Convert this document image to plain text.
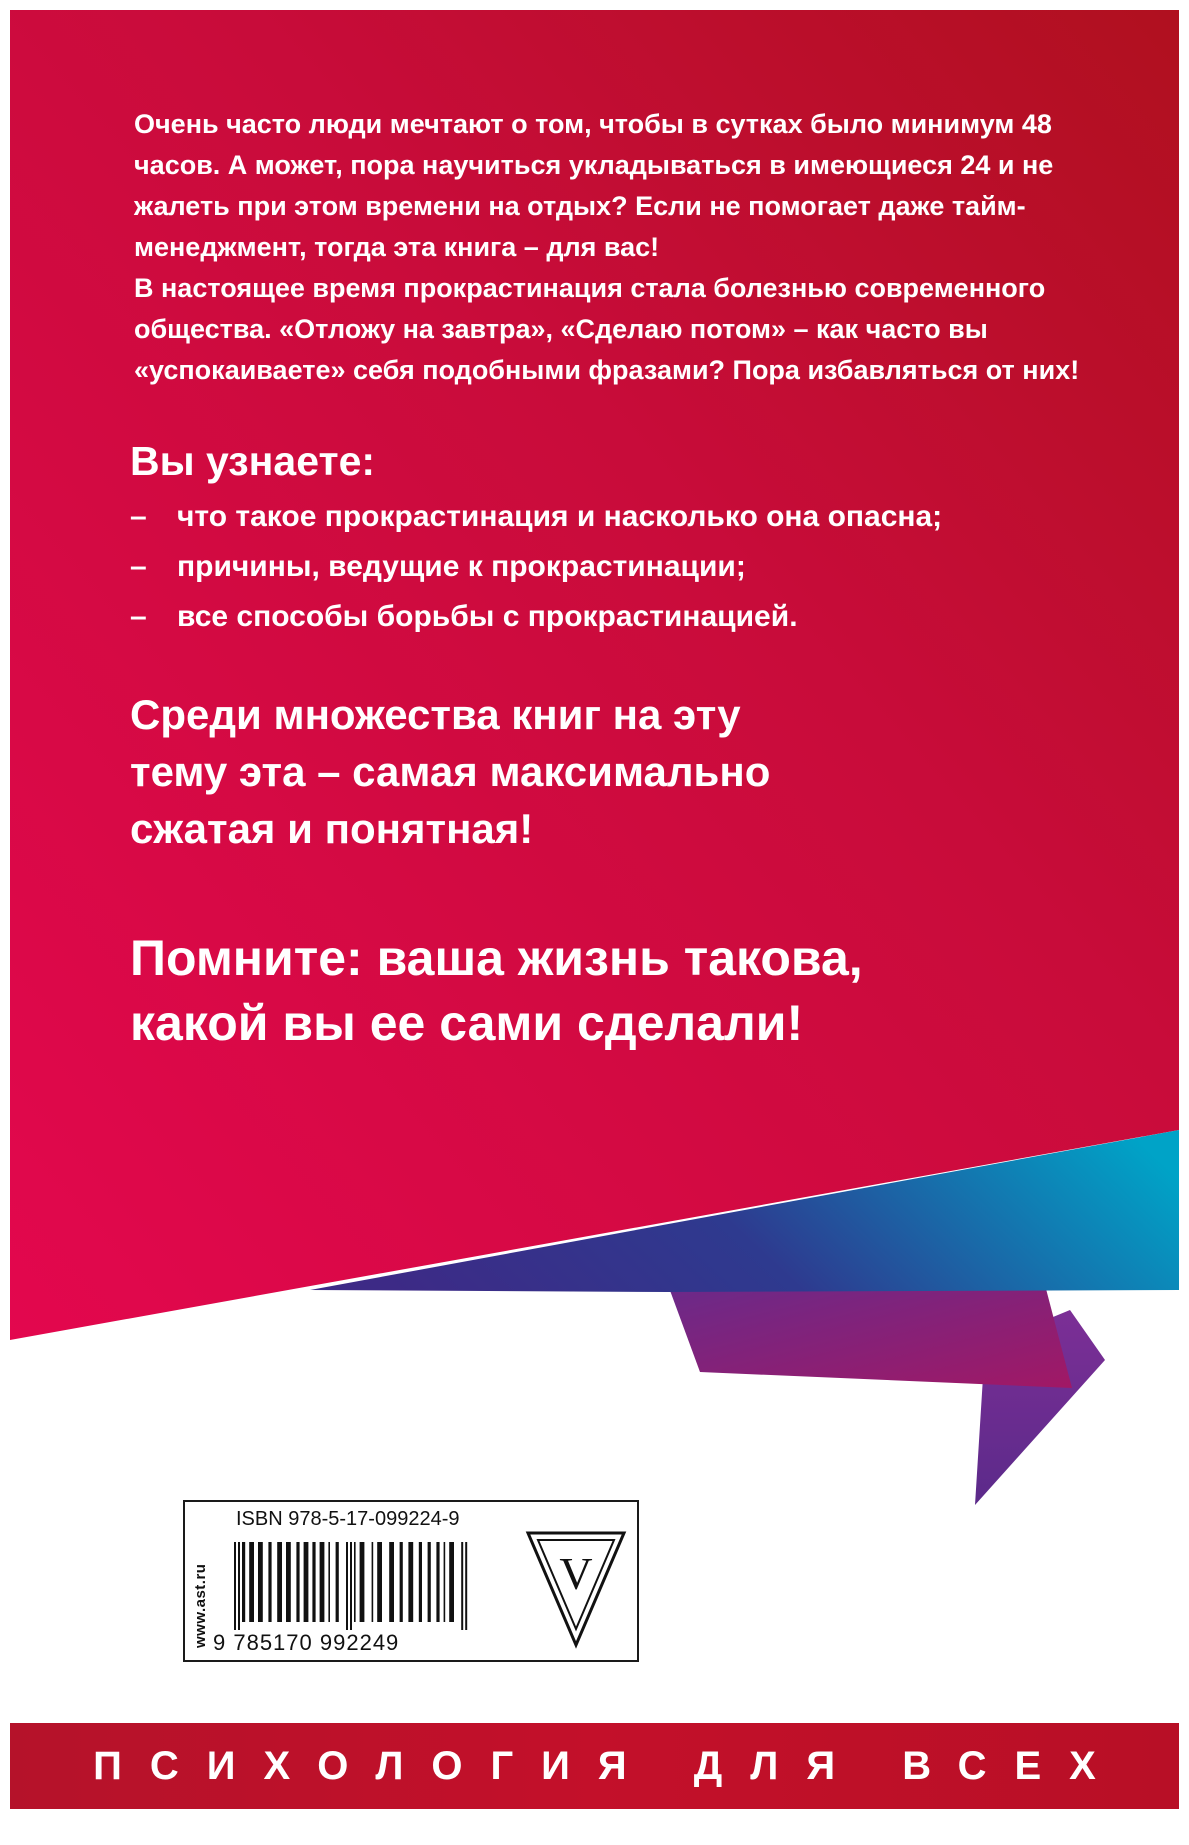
Очень часто люди мечтают о том, чтобы в сутках было минимум 48 часов. А может, пора научиться укладываться в имеющиеся 24 и не жалеть при этом времени на отдых? Если не помогает даже тайм-менеджмент, тогда эта книга – для вас!

В настоящее время прокрастинация стала болезнью современного общества. «Отложу на завтра», «Сделаю потом» – как часто вы «успокаиваете» себя подобными фразами? Пора избавляться от них!

Вы узнаете:
– что такое прокрастинация и насколько она опасна;
– причины, ведущие к прокрастинации;
– все способы борьбы с прокрастинацией.
Среди множества книг на эту
тему эта – самая максимально
сжатая и понятная!
Помните: ваша жизнь такова,
какой вы ее сами сделали!
www.ast.ru
ISBN 978-5-17-099224-9
9 785170 992249
V
ПСИХОЛОГИЯ ДЛЯ ВСЕХ
